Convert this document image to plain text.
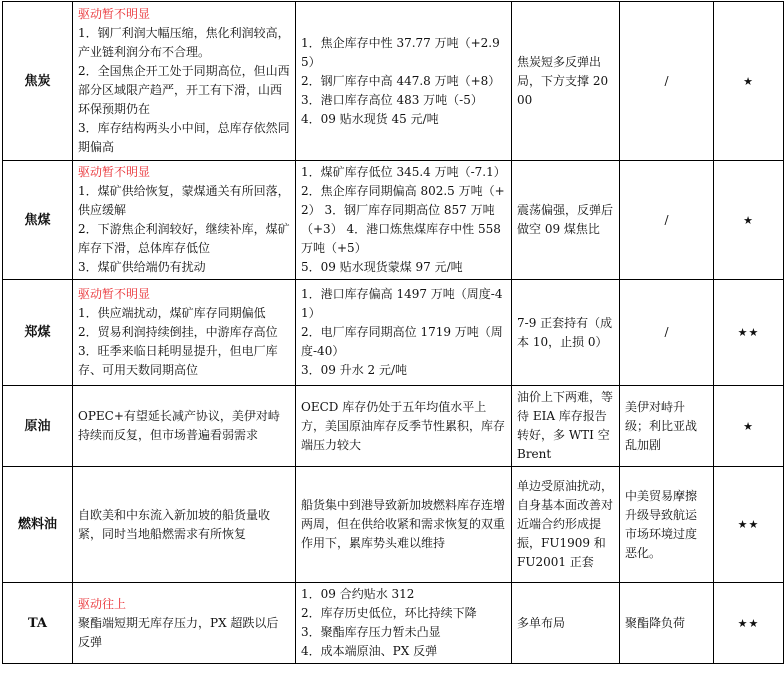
焦炭	驱动暂不明显
1．钢厂利润大幅压缩，焦化利润较高，产业链利润分布不合理。
2．全国焦企开工处于同期高位，但山西部分区域限产趋严，开工有下滑，山西环保预期仍在
3．库存结构两头小中间，总库存依然同期偏高	1．焦企库存中性 37.77 万吨（+2.95）
2．钢厂库存中高 447.8 万吨（+8）
3．港口库存高位 483 万吨（-5）
4．09 贴水现货 45 元/吨	焦炭短多反弹出局，下方支撑 2000	/	★
焦煤	驱动暂不明显
1．煤矿供给恢复，蒙煤通关有所回落，供应缓解
2．下游焦企利润较好，继续补库，煤矿库存下滑，总体库存低位
3．煤矿供给端仍有扰动	1．煤矿库存低位 345.4 万吨（-7.1）
2．焦企库存同期偏高 802.5 万吨（+2） 3．钢厂库存同期高位 857 万吨（+3） 4．港口炼焦煤库存中性 558 万吨（+5）
5．09 贴水现货蒙煤 97 元/吨	震荡偏强，反弹后做空 09 煤焦比	/	★
郑煤	驱动暂不明显
1．供应端扰动，煤矿库存同期偏低
2．贸易利润持续倒挂，中游库存高位 3．旺季来临日耗明显提升，但电厂库存、可用天数同期高位	1．港口库存偏高 1497 万吨（周度-41）
2．电厂库存同期高位 1719 万吨（周度-40）
3．09 升水 2 元/吨	7-9 正套持有（成本 10，止损 0）	/	★★
原油	OPEC+有望延长减产协议，美伊对峙持续而反复，但市场普遍看弱需求	OECD 库存仍处于五年均值水平上方，美国原油库存反季节性累积，库存端压力较大	油价上下两难，等待 EIA 库存报告转好，多 WTI 空 Brent	美伊对峙升级；利比亚战乱加剧	★
燃料油	自欧美和中东流入新加坡的船货量收紧，同时当地船燃需求有所恢复	船货集中到港导致新加坡燃料库存连增两周，但在供给收紧和需求恢复的双重作用下，累库势头难以维持	单边受原油扰动，自身基本面改善对近端合约形成提振，FU1909 和 FU2001 正套	中美贸易摩擦升级导致航运市场环境过度恶化。	★★
TA	驱动往上
聚酯端短期无库存压力，PX 超跌以后反弹	1．09 合约贴水 312
2．库存历史低位，环比持续下降
3．聚酯库存压力暂未凸显
4．成本端原油、PX 反弹	多单布局	聚酯降负荷	★★
